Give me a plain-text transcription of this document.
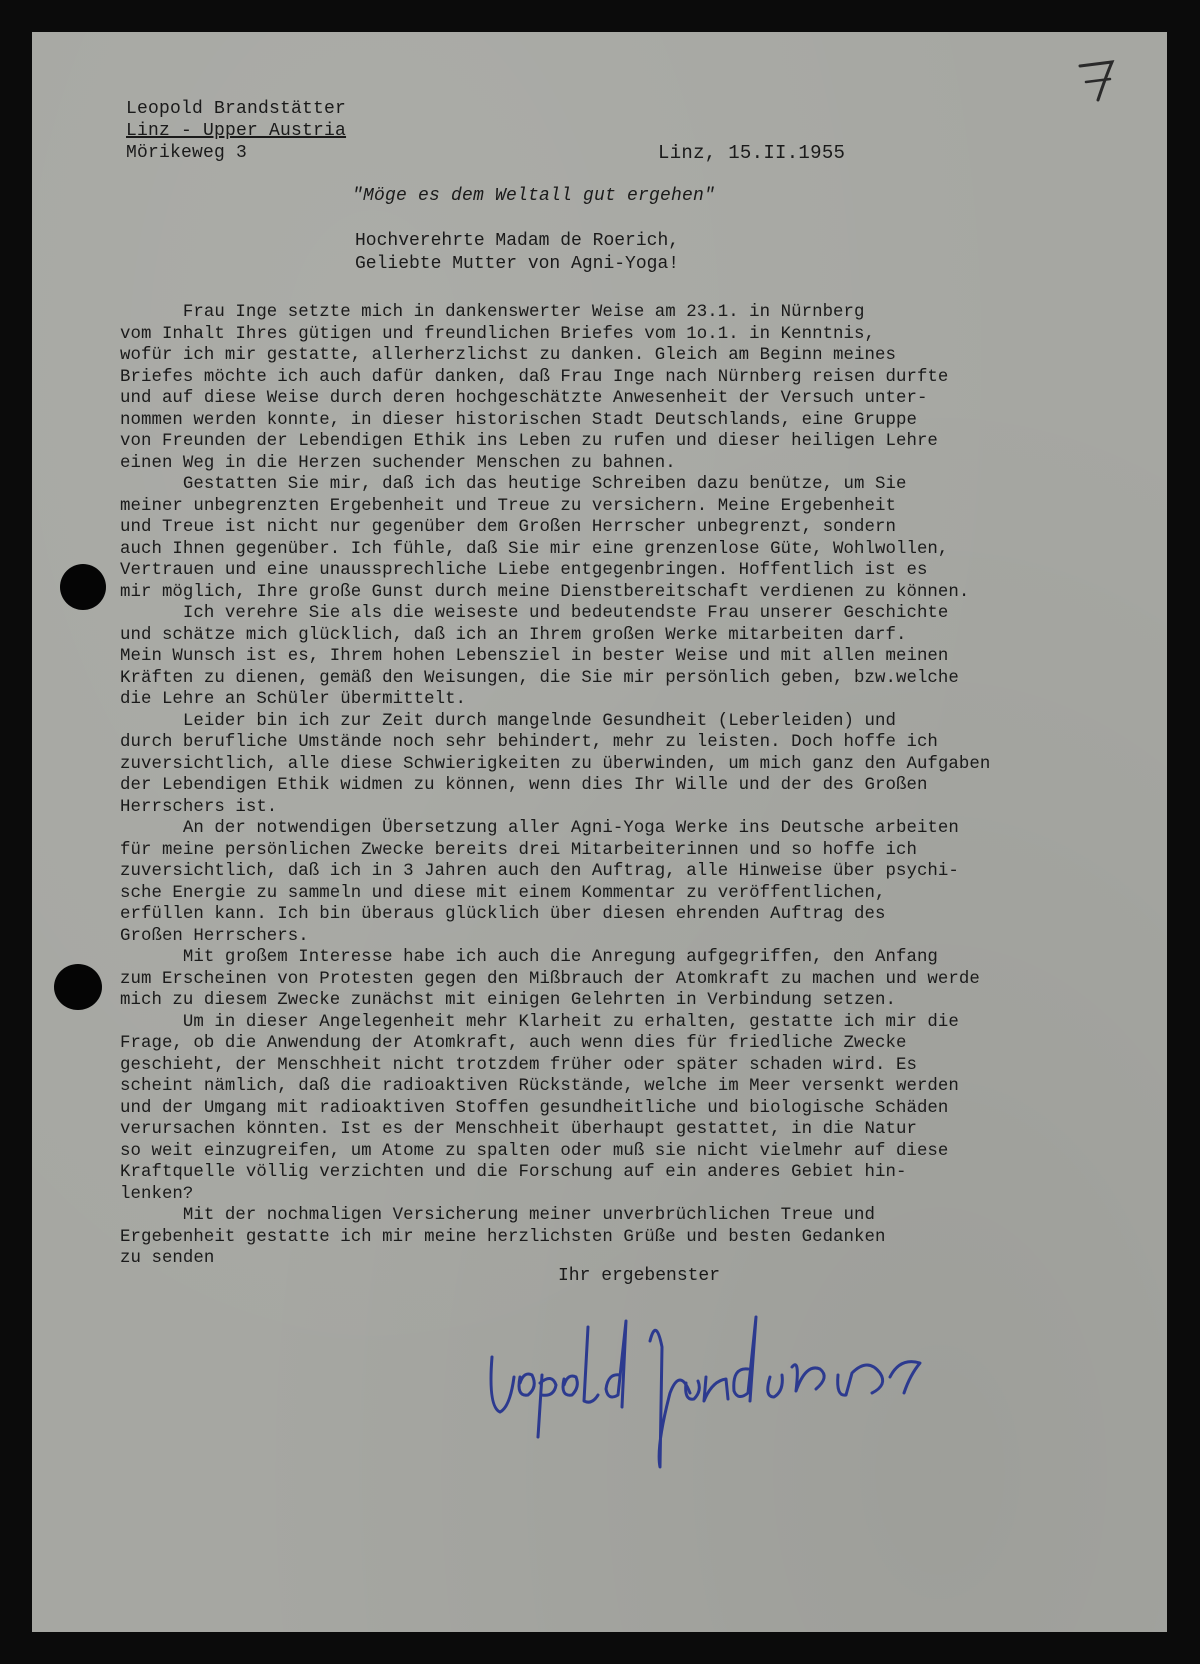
Leopold Brandstätter
Linz - Upper Austria
Mörikeweg 3	Linz, 15.II.1955
"Möge es dem Weltall gut ergehen"
Hochverehrte Madam de Roerich,
Geliebte Mutter von Agni-Yoga!

Frau Inge setzte mich in dankenswerter Weise am 23.1. in Nürnberg

vom Inhalt Ihres gütigen und freundlichen Briefes vom 1o.1. in Kenntnis,

wofür ich mir gestatte, allerherzlichst zu danken. Gleich am Beginn meines

Briefes möchte ich auch dafür danken, daß Frau Inge nach Nürnberg reisen durfte

und auf diese Weise durch deren hochgeschätzte Anwesenheit der Versuch unter-

nommen werden konnte, in dieser historischen Stadt Deutschlands, eine Gruppe

von Freunden der Lebendigen Ethik ins Leben zu rufen und dieser heiligen Lehre

einen Weg in die Herzen suchender Menschen zu bahnen.

Gestatten Sie mir, daß ich das heutige Schreiben dazu benütze, um Sie

meiner unbegrenzten Ergebenheit und Treue zu versichern. Meine Ergebenheit

und Treue ist nicht nur gegenüber dem Großen Herrscher unbegrenzt, sondern

auch Ihnen gegenüber. Ich fühle, daß Sie mir eine grenzenlose Güte, Wohlwollen,

Vertrauen und eine unaussprechliche Liebe entgegenbringen. Hoffentlich ist es

mir möglich, Ihre große Gunst durch meine Dienstbereitschaft verdienen zu können.

Ich verehre Sie als die weiseste und bedeutendste Frau unserer Geschichte

und schätze mich glücklich, daß ich an Ihrem großen Werke mitarbeiten darf.

Mein Wunsch ist es, Ihrem hohen Lebensziel in bester Weise und mit allen meinen

Kräften zu dienen, gemäß den Weisungen, die Sie mir persönlich geben, bzw.welche

die Lehre an Schüler übermittelt.

Leider bin ich zur Zeit durch mangelnde Gesundheit (Leberleiden) und

durch berufliche Umstände noch sehr behindert, mehr zu leisten. Doch hoffe ich

zuversichtlich, alle diese Schwierigkeiten zu überwinden, um mich ganz den Aufgaben

der Lebendigen Ethik widmen zu können, wenn dies Ihr Wille und der des Großen

Herrschers ist.

An der notwendigen Übersetzung aller Agni-Yoga Werke ins Deutsche arbeiten

für meine persönlichen Zwecke bereits drei Mitarbeiterinnen und so hoffe ich

zuversichtlich, daß ich in 3 Jahren auch den Auftrag, alle Hinweise über psychi-

sche Energie zu sammeln und diese mit einem Kommentar zu veröffentlichen,

erfüllen kann. Ich bin überaus glücklich über diesen ehrenden Auftrag des

Großen Herrschers.

Mit großem Interesse habe ich auch die Anregung aufgegriffen, den Anfang

zum Erscheinen von Protesten gegen den Mißbrauch der Atomkraft zu machen und werde

mich zu diesem Zwecke zunächst mit einigen Gelehrten in Verbindung setzen.

Um in dieser Angelegenheit mehr Klarheit zu erhalten, gestatte ich mir die

Frage, ob die Anwendung der Atomkraft, auch wenn dies für friedliche Zwecke

geschieht, der Menschheit nicht trotzdem früher oder später schaden wird. Es

scheint nämlich, daß die radioaktiven Rückstände, welche im Meer versenkt werden

und der Umgang mit radioaktiven Stoffen gesundheitliche und biologische Schäden

verursachen könnten. Ist es der Menschheit überhaupt gestattet, in die Natur

so weit einzugreifen, um Atome zu spalten oder muß sie nicht vielmehr auf diese

Kraftquelle völlig verzichten und die Forschung auf ein anderes Gebiet hin-

lenken?

Mit der nochmaligen Versicherung meiner unverbrüchlichen Treue und

Ergebenheit gestatte ich mir meine herzlichsten Grüße und besten Gedanken

zu senden

Ihr ergebenster
